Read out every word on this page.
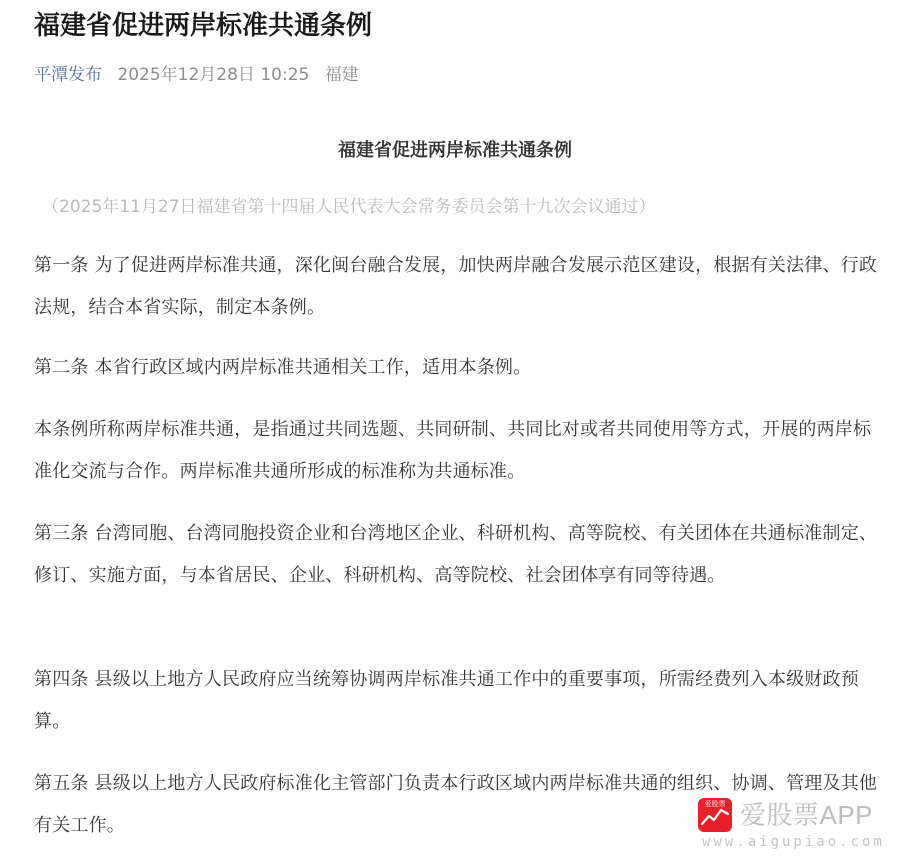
福建省促进两岸标准共通条例
平潭发布 2025年12月28日 10:25 福建
福建省促进两岸标准共通条例
（2025年11月27日福建省第十四届人民代表大会常务委员会第十九次会议通过）

第一条 为了促进两岸标准共通，深化闽台融合发展，加快两岸融合发展示范区建设，根据有关法律、行政法规，结合本省实际，制定本条例。

第二条 本省行政区域内两岸标准共通相关工作，适用本条例。

本条例所称两岸标准共通，是指通过共同选题、共同研制、共同比对或者共同使用等方式，开展的两岸标准化交流与合作。两岸标准共通所形成的标准称为共通标准。

第三条 台湾同胞、台湾同胞投资企业和台湾地区企业、科研机构、高等院校、有关团体在共通标准制定、修订、实施方面，与本省居民、企业、科研机构、高等院校、社会团体享有同等待遇。

第四条 县级以上地方人民政府应当统筹协调两岸标准共通工作中的重要事项，所需经费列入本级财政预算。

第五条 县级以上地方人民政府标准化主管部门负责本行政区域内两岸标准共通的组织、协调、管理及其他有关工作。

爱股票 爱股票APP
www.aigupiao.com
